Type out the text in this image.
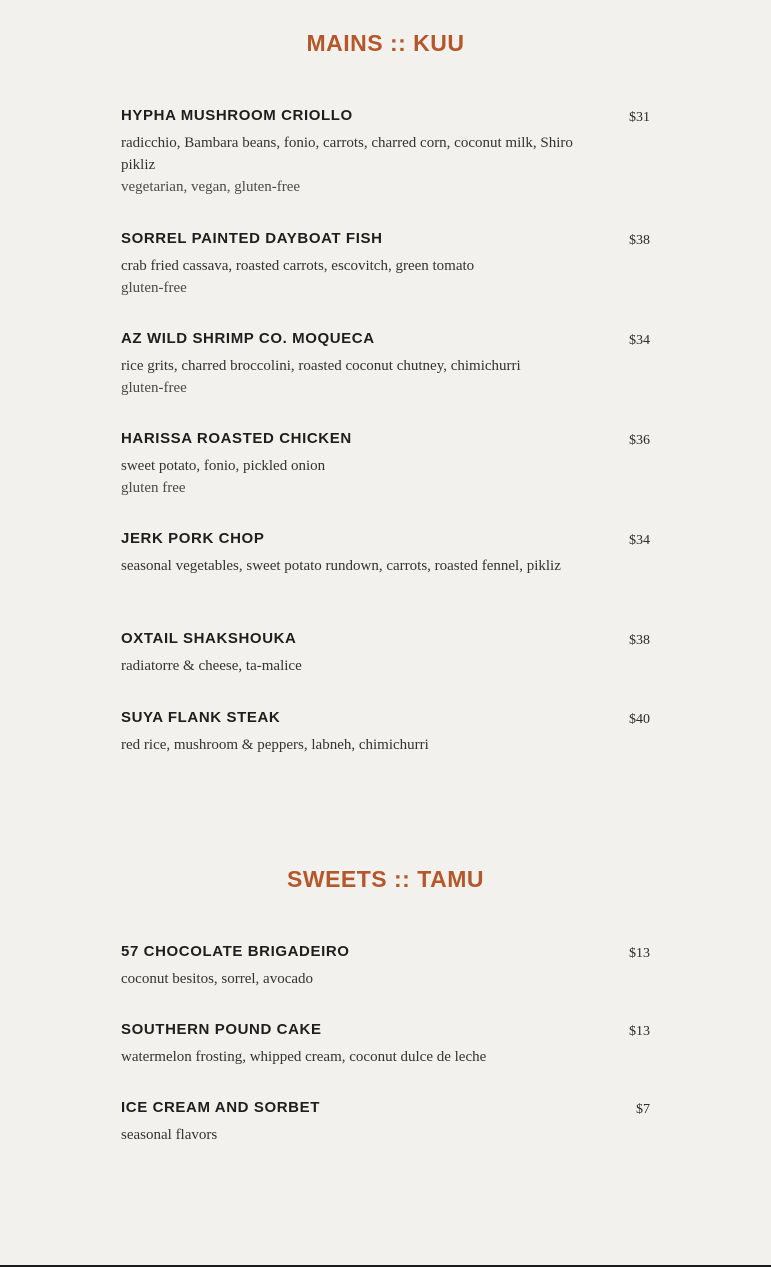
MAINS :: KUU
HYPHA MUSHROOM CRIOLLO	$31
radicchio, Bambara beans, fonio, carrots, charred corn, coconut milk, Shiro pikliz
vegetarian, vegan, gluten-free
SORREL PAINTED DAYBOAT FISH	$38
crab fried cassava, roasted carrots, escovitch, green tomato
gluten-free
AZ WILD SHRIMP CO. MOQUECA	$34
rice grits, charred broccolini, roasted coconut chutney, chimichurri
gluten-free
HARISSA ROASTED CHICKEN	$36
sweet potato, fonio, pickled onion
gluten free
JERK PORK CHOP	$34
seasonal vegetables, sweet potato rundown, carrots, roasted fennel, pikliz
OXTAIL SHAKSHOUKA	$38
radiatorre & cheese, ta-malice
SUYA FLANK STEAK	$40
red rice, mushroom & peppers, labneh, chimichurri
SWEETS :: TAMU
57 CHOCOLATE BRIGADEIRO	$13
coconut besitos, sorrel, avocado
SOUTHERN POUND CAKE	$13
watermelon frosting, whipped cream, coconut dulce de leche
ICE CREAM AND SORBET	$7
seasonal flavors
